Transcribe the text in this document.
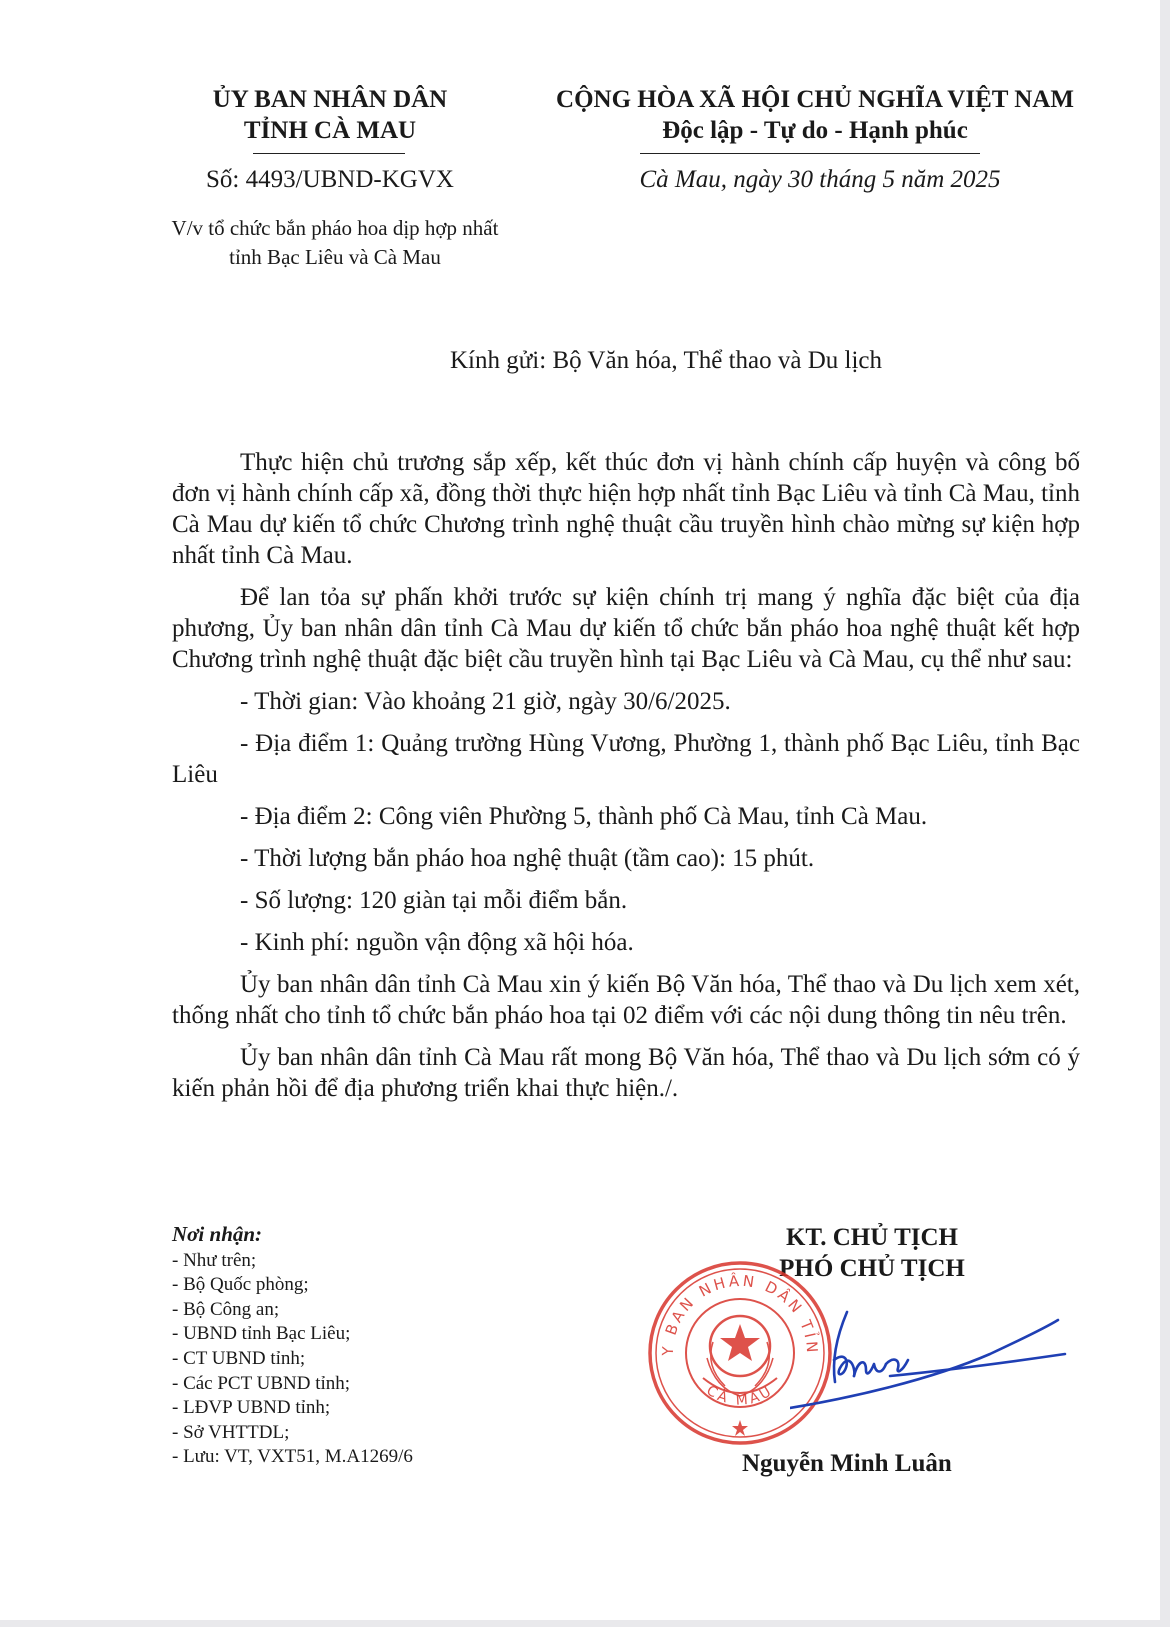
ỦY BAN NHÂN DÂN
TỈNH CÀ MAU
CỘNG HÒA XÃ HỘI CHỦ NGHĨA VIỆT NAM
Độc lập - Tự do - Hạnh phúc
Số: 4493/UBND-KGVX	Cà Mau, ngày 30 tháng 5 năm 2025
V/v tổ chức bắn pháo hoa dịp hợp nhất
tỉnh Bạc Liêu và Cà Mau
Kính gửi: Bộ Văn hóa, Thể thao và Du lịch

Thực hiện chủ trương sắp xếp, kết thúc đơn vị hành chính cấp huyện và công bố đơn vị hành chính cấp xã, đồng thời thực hiện hợp nhất tỉnh Bạc Liêu và tỉnh Cà Mau, tỉnh Cà Mau dự kiến tổ chức Chương trình nghệ thuật cầu truyền hình chào mừng sự kiện hợp nhất tỉnh Cà Mau.

Để lan tỏa sự phấn khởi trước sự kiện chính trị mang ý nghĩa đặc biệt của địa phương, Ủy ban nhân dân tỉnh Cà Mau dự kiến tổ chức bắn pháo hoa nghệ thuật kết hợp Chương trình nghệ thuật đặc biệt cầu truyền hình tại Bạc Liêu và Cà Mau, cụ thể như sau:

- Thời gian: Vào khoảng 21 giờ, ngày 30/6/2025.

- Địa điểm 1: Quảng trường Hùng Vương, Phường 1, thành phố Bạc Liêu, tỉnh Bạc Liêu

- Địa điểm 2: Công viên Phường 5, thành phố Cà Mau, tỉnh Cà Mau.

- Thời lượng bắn pháo hoa nghệ thuật (tầm cao): 15 phút.

- Số lượng: 120 giàn tại mỗi điểm bắn.

- Kinh phí: nguồn vận động xã hội hóa.

Ủy ban nhân dân tỉnh Cà Mau xin ý kiến Bộ Văn hóa, Thể thao và Du lịch xem xét, thống nhất cho tỉnh tổ chức bắn pháo hoa tại 02 điểm với các nội dung thông tin nêu trên.

Ủy ban nhân dân tỉnh Cà Mau rất mong Bộ Văn hóa, Thể thao và Du lịch sớm có ý kiến phản hồi để địa phương triển khai thực hiện./.

Nơi nhận:
- Như trên;
- Bộ Quốc phòng;
- Bộ Công an;
- UBND tỉnh Bạc Liêu;
- CT UBND tỉnh;
- Các PCT UBND tỉnh;
- LĐVP UBND tỉnh;
- Sở VHTTDL;
- Lưu: VT, VXT51, M.A1269/6
KT. CHỦ TỊCH
PHÓ CHỦ TỊCH
Y BAN NHÂN DÂN TỈN
CÀ MAU
Nguyễn Minh Luân
